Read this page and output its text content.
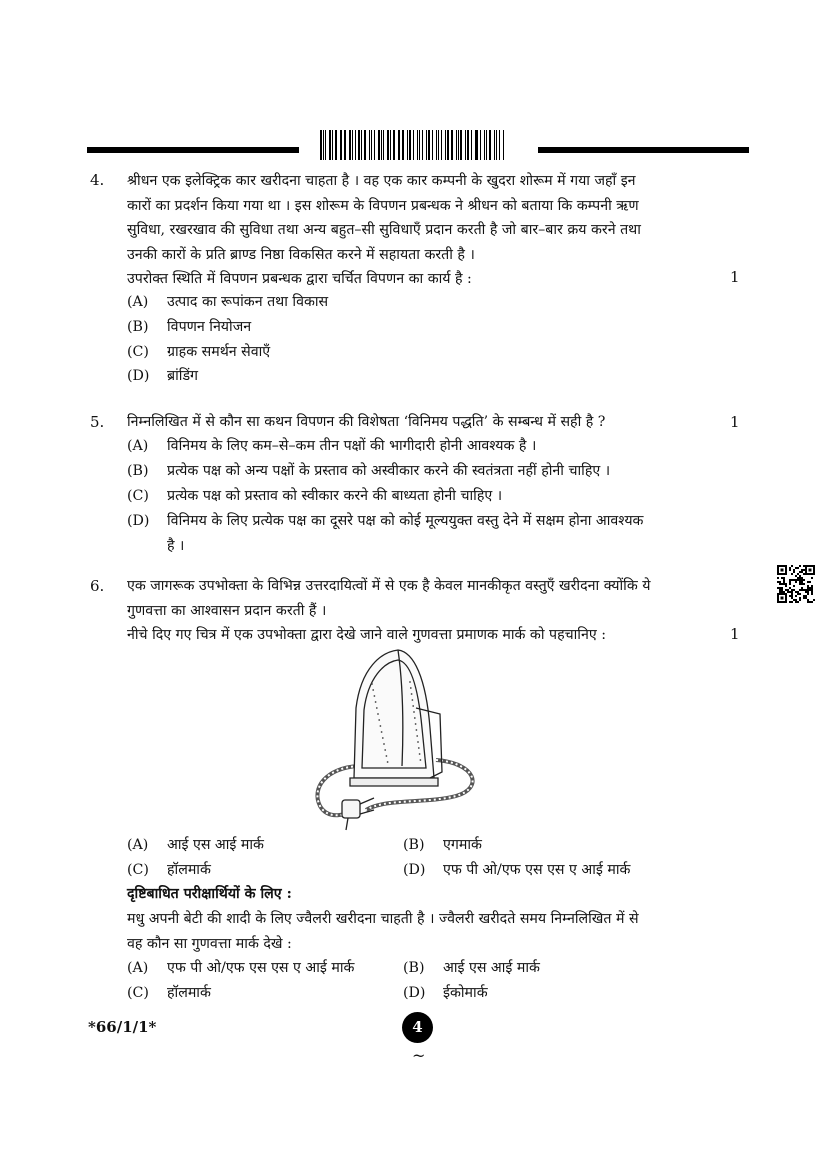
4. श्रीधन एक इलेक्ट्रिक कार खरीदना चाहता है । वह एक कार कम्पनी के खुदरा शोरूम में गया जहाँ इन
कारों का प्रदर्शन किया गया था । इस शोरूम के विपणन प्रबन्धक ने श्रीधन को बताया कि कम्पनी ऋण
सुविधा, रखरखाव की सुविधा तथा अन्य बहुत–सी सुविधाएँ प्रदान करती है जो बार–बार क्रय करने तथा
उनकी कारों के प्रति ब्राण्ड निष्ठा विकसित करने में सहायता करती है ।
उपरोक्त स्थिति में विपणन प्रबन्धक द्वारा चर्चित विपणन का कार्य है :	1
(A) उत्पाद का रूपांकन तथा विकास
(B) विपणन नियोजन
(C) ग्राहक समर्थन सेवाएँ
(D) ब्रांडिंग
5. निम्नलिखित में से कौन सा कथन विपणन की विशेषता ‘विनिमय पद्धति’ के सम्बन्ध में सही है ?	1
(A) विनिमय के लिए कम–से–कम तीन पक्षों की भागीदारी होनी आवश्यक है ।
(B) प्रत्येक पक्ष को अन्य पक्षों के प्रस्ताव को अस्वीकार करने की स्वतंत्रता नहीं होनी चाहिए ।
(C) प्रत्येक पक्ष को प्रस्ताव को स्वीकार करने की बाध्यता होनी चाहिए ।
(D) विनिमय के लिए प्रत्येक पक्ष का दूसरे पक्ष को कोई मूल्ययुक्त वस्तु देने में सक्षम होना आवश्यक
है ।
6. एक जागरूक उपभोक्ता के विभिन्न उत्तरदायित्वों में से एक है केवल मानकीकृत वस्तुएँ खरीदना क्योंकि ये
गुणवत्ता का आश्वासन प्रदान करती हैं ।
नीचे दिए गए चित्र में एक उपभोक्ता द्वारा देखे जाने वाले गुणवत्ता प्रमाणक मार्क को पहचानिए :	1
(A) आई एस आई मार्क	(B) एगमार्क
(C) हॉलमार्क	(D) एफ पी ओ/एफ एस एस ए आई मार्क
दृष्टिबाधित परीक्षार्थियों के लिए :
मधु अपनी बेटी की शादी के लिए ज्वैलरी खरीदना चाहती है । ज्वैलरी खरीदते समय निम्नलिखित में से
वह कौन सा गुणवत्ता मार्क देखे :
(A) एफ पी ओ/एफ एस एस ए आई मार्क	(B) आई एस आई मार्क
(C) हॉलमार्क	(D) ईकोमार्क
*66/1/1*	4
~
